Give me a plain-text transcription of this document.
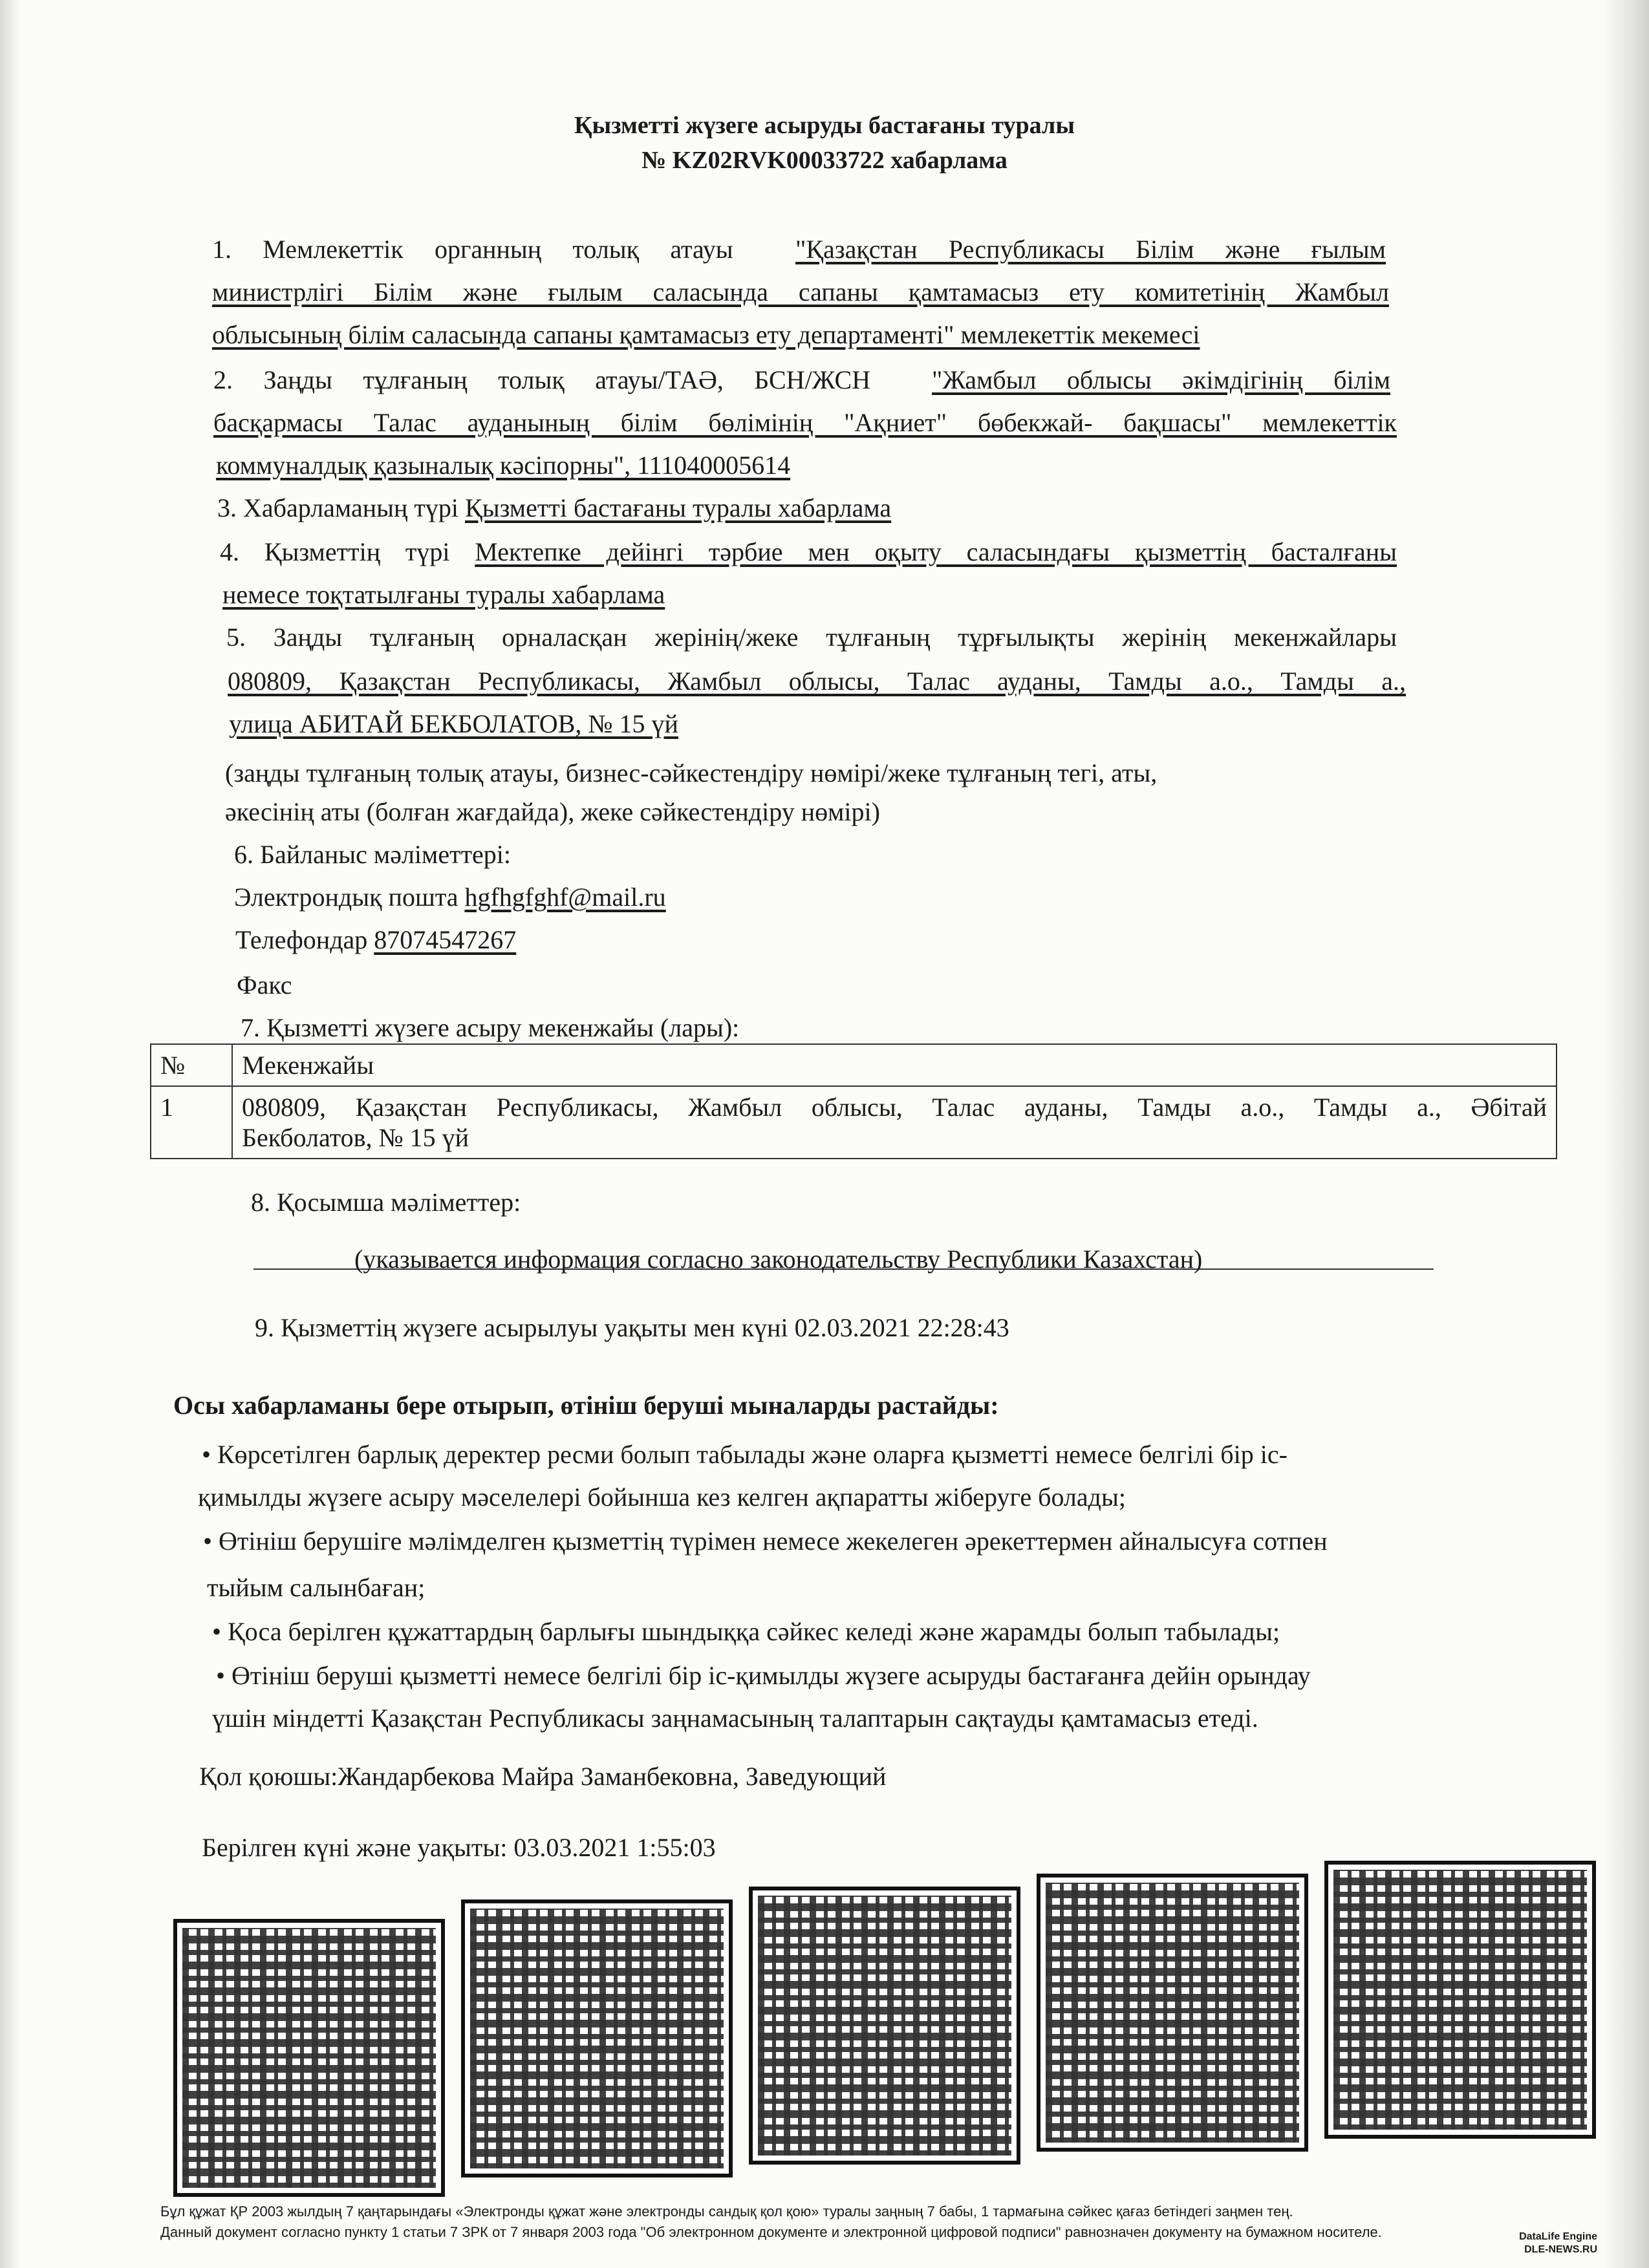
Қызметті жүзеге асыруды бастағаны туралы
№ KZ02RVK00033722 хабарлама
1. Мемлекеттік органның толық атауы "Қазақстан Республикасы Білім және ғылым
министрлігі Білім және ғылым саласында сапаны қамтамасыз ету комитетінің Жамбыл
облысының білім саласында сапаны қамтамасыз ету департаменті" мемлекеттік мекемесі
2. Заңды тұлғаның толық атауы/ТАӘ, БСН/ЖСН "Жамбыл облысы әкімдігінің білім
басқармасы Талас ауданының білім бөлімінің "Ақниет" бөбекжай- бақшасы" мемлекеттік
коммуналдық қазыналық кәсіпорны", 111040005614
3. Хабарламаның түрі Қызметті бастағаны туралы хабарлама
4. Қызметтің түрі Мектепке дейінгі тәрбие мен оқыту саласындағы қызметтің басталғаны
немесе тоқтатылғаны туралы хабарлама
5. Заңды тұлғаның орналасқан жерінің/жеке тұлғаның тұрғылықты жерінің мекенжайлары
080809, Қазақстан Республикасы, Жамбыл облысы, Талас ауданы, Тамды а.о., Тамды а.,
улица АБИТАЙ БЕКБОЛАТОВ, № 15 үй
(заңды тұлғаның толық атауы, бизнес-сәйкестендіру нөмірі/жеке тұлғаның тегі, аты,
әкесінің аты (болған жағдайда), жеке сәйкестендіру нөмірі)
6. Байланыс мәліметтері:
Электрондық пошта hgfhgfghf@mail.ru
Телефондар 87074547267
Факс
7. Қызметті жүзеге асыру мекенжайы (лары):
№	Мекенжайы
1	080809, Қазақстан Республикасы, Жамбыл облысы, Талас ауданы, Тамды а.о., Тамды а., Әбітай
Бекболатов, № 15 үй
8. Қосымша мәліметтер:
(указывается информация согласно законодательству Республики Казахстан)
9. Қызметтің жүзеге асырылуы уақыты мен күні 02.03.2021 22:28:43
Осы хабарламаны бере отырып, өтініш беруші мыналарды растайды:
• Көрсетілген барлық деректер ресми болып табылады және оларға қызметті немесе белгілі бір іс-
қимылды жүзеге асыру мәселелері бойынша кез келген ақпаратты жіберуге болады;
• Өтініш берушіге мәлімделген қызметтің түрімен немесе жекелеген әрекеттермен айналысуға сотпен
тыйым салынбаған;
• Қоса берілген құжаттардың барлығы шындыққа сәйкес келеді және жарамды болып табылады;
• Өтініш беруші қызметті немесе белгілі бір іс-қимылды жүзеге асыруды бастағанға дейін орындау
үшін міндетті Қазақстан Республикасы заңнамасының талаптарын сақтауды қамтамасыз етеді.
Қол қоюшы:Жандарбекова Майра Заманбековна, Заведующий
Берілген күні және уақыты: 03.03.2021 1:55:03
Бұл құжат ҚР 2003 жылдың 7 қаңтарындағы «Электронды құжат және электронды сандық қол қою» туралы заңның 7 бабы, 1 тармағына сәйкес қағаз бетіндегі заңмен тең.
Данный документ согласно пункту 1 статьи 7 ЗРК от 7 января 2003 года "Об электронном документе и электронной цифровой подписи" равнозначен документу на бумажном носителе.	DataLife Engine
DLE-NEWS.RU
